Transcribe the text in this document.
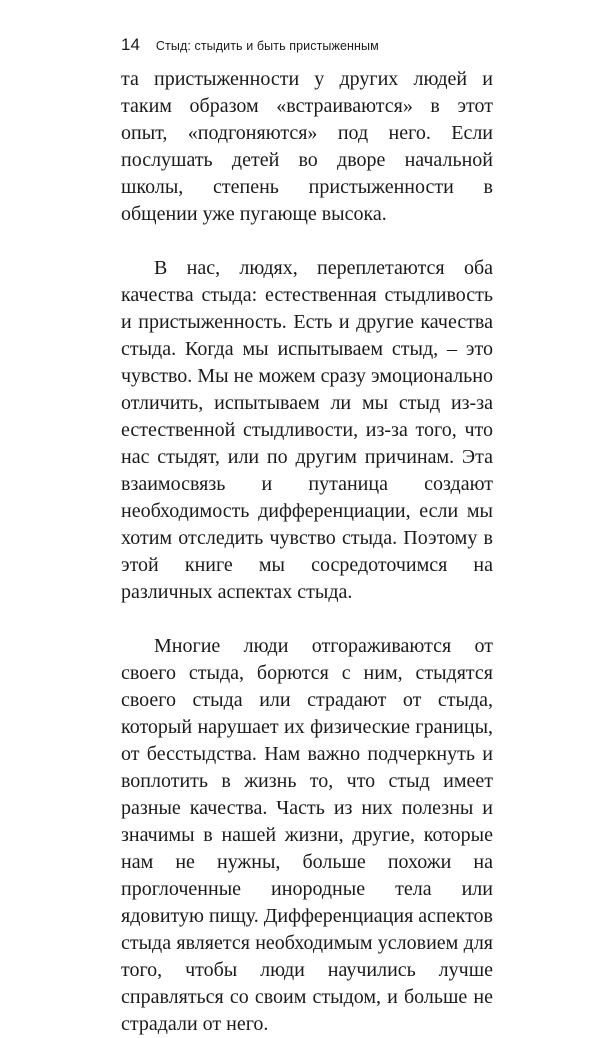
14 Стыд: стыдить и быть пристыженным

та пристыженности у других людей и таким образом «встраиваются» в этот опыт, «подгоняются» под него. Если послушать детей во дворе начальной школы, степень пристыженности в общении уже пугающе высока.

В нас, людях, переплетаются оба качества стыда: естественная стыдливость и пристыженность. Есть и другие качества стыда. Когда мы испытываем стыд, – это чувство. Мы не можем сразу эмоционально отличить, испытываем ли мы стыд из-за естественной стыдливости, из-за того, что нас стыдят, или по другим причинам. Эта взаимосвязь и путаница создают необходимость дифференциации, если мы хотим отследить чувство стыда. Поэтому в этой книге мы сосредоточимся на различных аспектах стыда.

Многие люди отгораживаются от своего стыда, борются с ним, стыдятся своего стыда или страдают от стыда, который нарушает их физические границы, от бесстыдства. Нам важно подчеркнуть и воплотить в жизнь то, что стыд имеет разные качества. Часть из них полезны и значимы в нашей жизни, другие, которые нам не нужны, больше похожи на проглоченные инородные тела или ядовитую пищу. Дифференциация аспектов стыда является необходимым условием для того, чтобы люди научились лучше справляться со своим стыдом, и больше не страдали от него.
